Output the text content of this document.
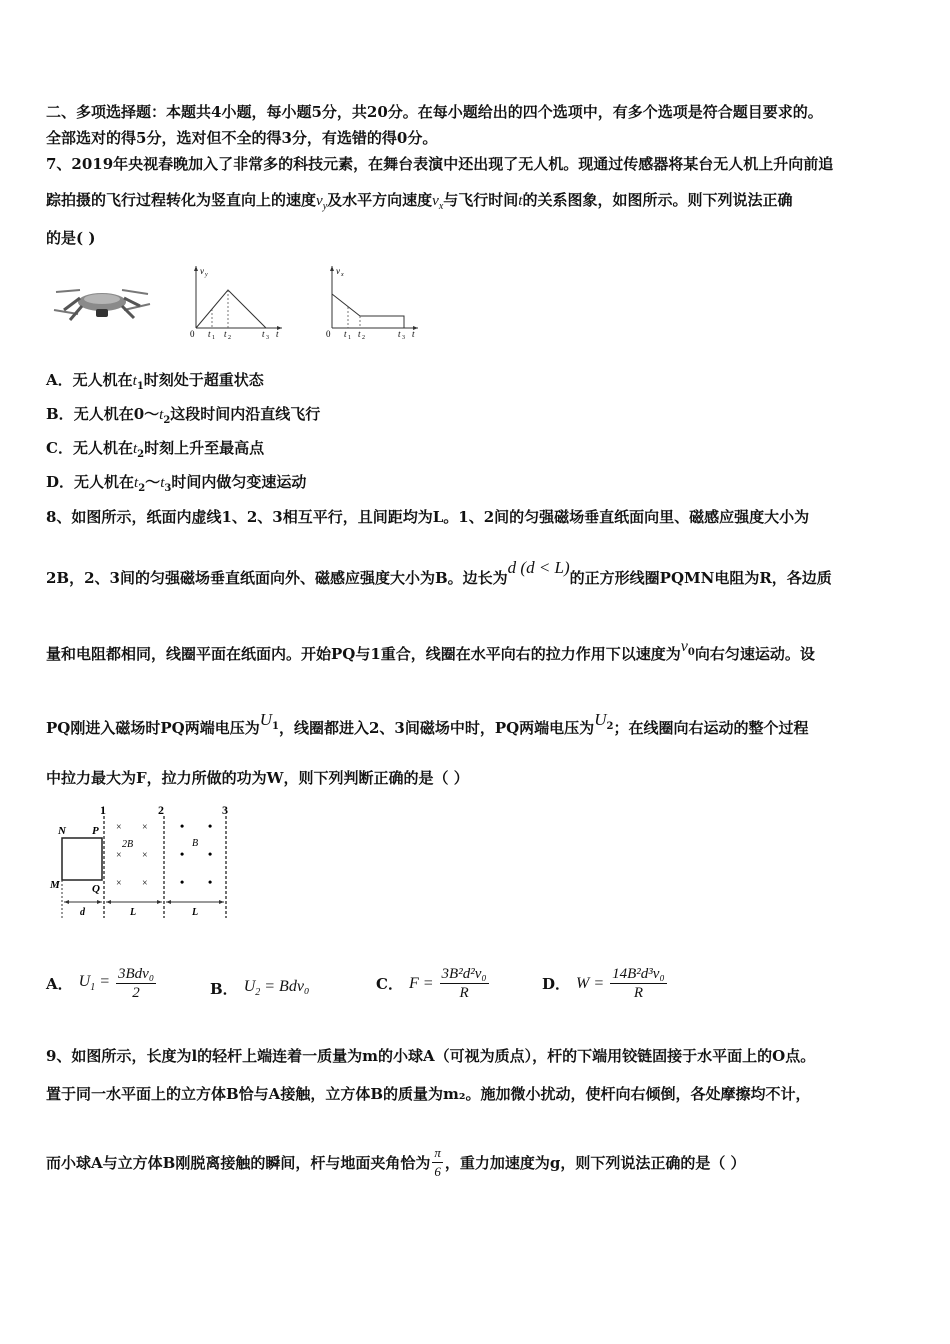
二、多项选择题：本题共4小题，每小题5分，共20分。在每小题给出的四个选项中，有多个选项是符合题目要求的。
全部选对的得5分，选对但不全的得3分，有选错的得0分。
7、2019年央视春晚加入了非常多的科技元素，在舞台表演中还出现了无人机。现通过传感器将某台无人机上升向前追
踪拍摄的飞行过程转化为竖直向上的速度$v_y$及水平方向速度$v_x$与飞行时间t的关系图象，如图所示。则下列说法正确
的是( )
v y
0 t 1 t 2	t 3 t
v x
0 t 1 t 2	t 3 t
A．无人机在$t_1$时刻处于超重状态
B．无人机在$0\sim t_2$这段时间内沿直线飞行
C．无人机在$t_2$时刻上升至最高点
D．无人机在$t_2\sim t_3$时间内做匀变速运动
8、如图所示，纸面内虚线1、2、3相互平行，且间距均为L。1、2间的匀强磁场垂直纸面向里、磁感应强度大小为
2B，2、3间的匀强磁场垂直纸面向外、磁感应强度大小为B。边长为d (d < L)的正方形线圈PQMN电阻为R，各边质
量和电阻都相同，线圈平面在纸面内。开始PQ与1重合，线圈在水平向右的拉力作用下以速度为$v_0$向右匀速运动。设
PQ刚进入磁场时PQ两端电压为$U_1$，线圈都进入2、3间磁场中时，PQ两端电压为$U_2$；在线圈向右运动的整个过程
中拉力最大为F，拉力所做的功为W，则下列判断正确的是（ ）
1	2	3
N P
M	Q
× ×
× ×
× ×
2B
• •
• •
• •
B
d	L	L
A． $U_1 = \frac{\text{3Bdv₀}}{2}$	B． $U_2 = Bdv_0$	C． $F = \frac{\text{3B²d²v₀}}{R}$	D． $W = \frac{\text{14B²d³v₀}}{R}$
9、如图所示，长度为l的轻杆上端连着一质量为m的小球A（可视为质点），杆的下端用铰链固接于水平面上的O点。
置于同一水平面上的立方体B恰与A接触，立方体B的质量为m₂。施加微小扰动，使杆向右倾倒，各处摩擦均不计，
而小球A与立方体B刚脱离接触的瞬间，杆与地面夹角恰为 $\frac{\pi}{6}$ ，重力加速度为g，则下列说法正确的是（ ）
